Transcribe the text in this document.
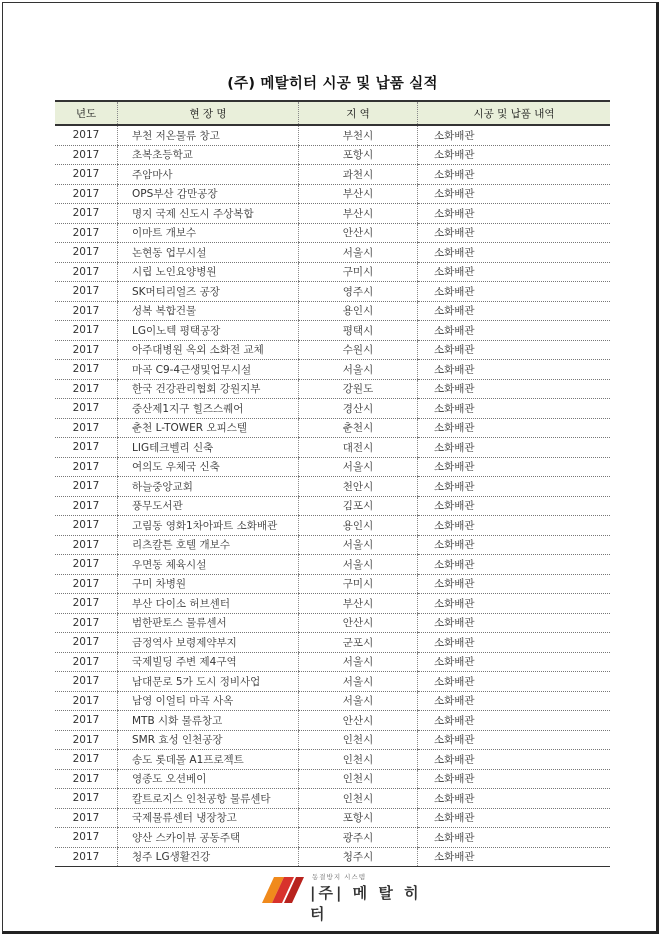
(주) 메탈히터 시공 및 납품 실적
년도	현 장 명	지 역	시공 및 납품 내역
2017	부천 저온물류 창고	부천시	소화배관
2017	초복초등학교	포항시	소화배관
2017	주암마사	과천시	소화배관
2017	OPS부산 감만공장	부산시	소화배관
2017	명지 국제 신도시 주상복합	부산시	소화배관
2017	이마트 개보수	안산시	소화배관
2017	논현동 업무시설	서울시	소화배관
2017	시립 노인요양병원	구미시	소화배관
2017	SK머티리얼즈 공장	영주시	소화배관
2017	성복 복합건물	용인시	소화배관
2017	LG이노텍 평택공장	평택시	소화배관
2017	아주대병원 옥외 소화전 교체	수원시	소화배관
2017	마곡 C9-4근생및업무시설	서울시	소화배관
2017	한국 건강관리협회 강원지부	강원도	소화배관
2017	중산제1지구 힐즈스퀘어	경산시	소화배관
2017	춘천 L-TOWER 오피스텔	춘천시	소화배관
2017	LIG테크벨리 신축	대전시	소화배관
2017	여의도 우체국 신축	서울시	소화배관
2017	하늘중앙교회	천안시	소화배관
2017	풍무도서관	김포시	소화배관
2017	고림동 영화1차아파트 소화배관	용인시	소화배관
2017	리츠칼튼 호텔 개보수	서울시	소화배관
2017	우면동 체육시설	서울시	소화배관
2017	구미 차병원	구미시	소화배관
2017	부산 다이소 허브센터	부산시	소화배관
2017	범한판토스 물류센서	안산시	소화배관
2017	금정역사 보령제약부지	군포시	소화배관
2017	국제빌딩 주변 제4구역	서울시	소화배관
2017	남대문로 5가 도시 정비사업	서울시	소화배관
2017	남영 이얼티 마곡 사옥	서울시	소화배관
2017	MTB 시화 물류창고	안산시	소화배관
2017	SMR 효성 인천공장	인천시	소화배관
2017	송도 롯데몰 A1프로젝트	인천시	소화배관
2017	영종도 오션베이	인천시	소화배관
2017	칼트로지스 인천공항 물류센타	인천시	소화배관
2017	국제물류센터 냉장창고	포항시	소화배관
2017	양산 스카이뷰 공동주택	광주시	소화배관
2017	청주 LG생활건강	청주시	소화배관
동결방지 시스템
|주| 메 탈 히 터
